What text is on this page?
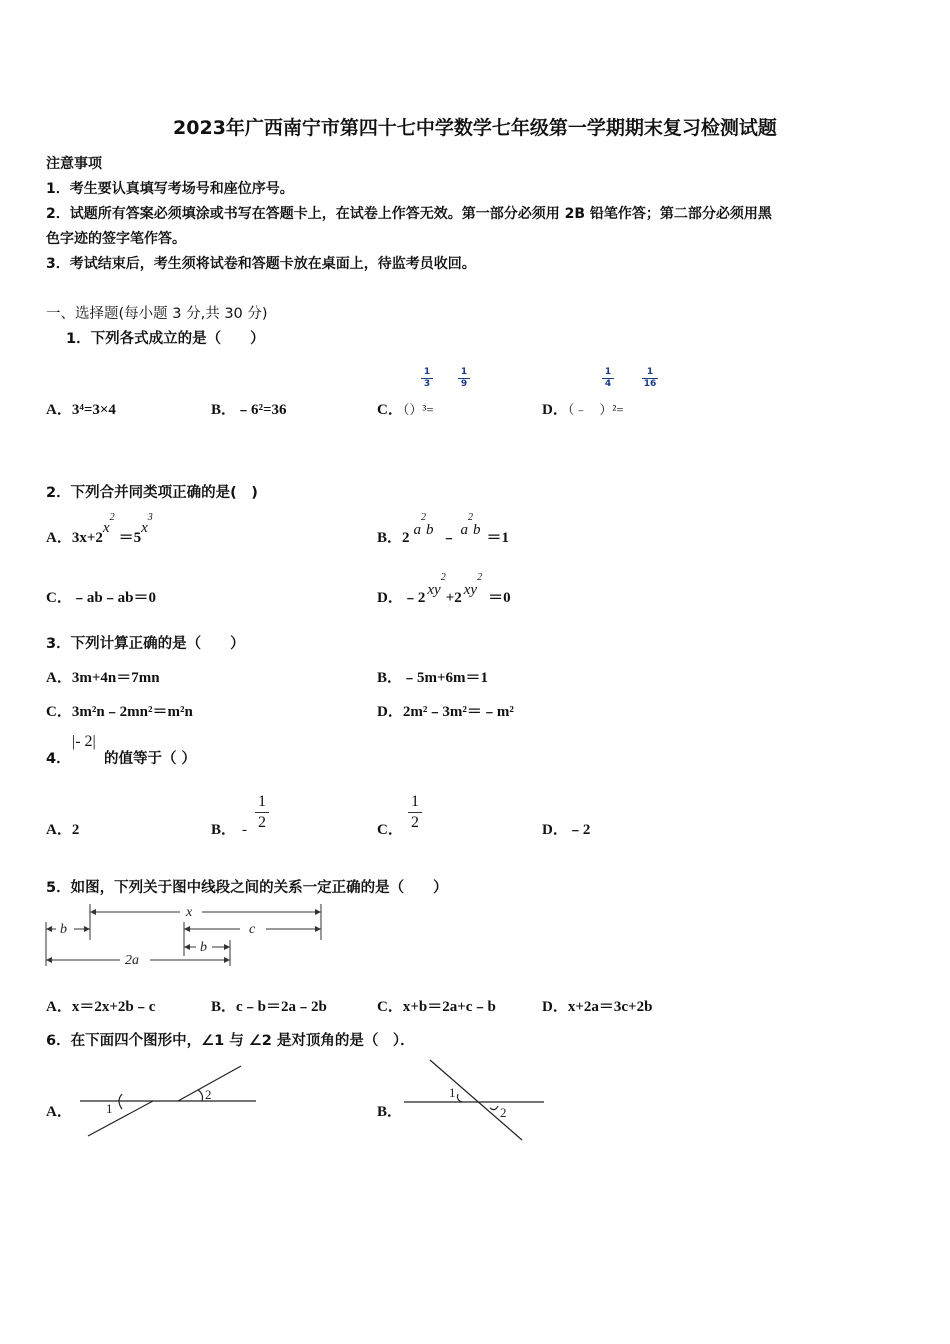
2023年广西南宁市第四十七中学数学七年级第一学期期末复习检测试题
注意事项
1．考生要认真填写考场号和座位序号。
2．试题所有答案必须填涂或书写在答题卡上，在试卷上作答无效。第一部分必须用 2B 铅笔作答；第二部分必须用黑
色字迹的签字笔作答。
3．考试结束后，考生须将试卷和答题卡放在桌面上，待监考员收回。
一、选择题(每小题 3 分,共 30 分)
1．下列各式成立的是（　　）
A．3⁴=3×4	B．﹣6²=36	C．（）³=
1
3
1
9
D．（﹣ ）²=
1
4
1
16
2．下列合并同类项正确的是(　)
A．$3x+2x^2=5x^3$
B．2 $a^2b$ ﹣ $a^2b =1$
C．﹣ab﹣ab＝0	D．﹣2 $xy^2+2$ $xy^2=0$
3．下列计算正确的是（　　）
A．3m+4n＝7mn	B．﹣5m+6m＝1
C．3m²n﹣2mn²＝m²n	D．2m²﹣3m²＝﹣m²
4．
|- 2|
的值等于（ ）
A．2	B． -
1
2	C．
1
2	D．﹣2
5．如图，下列关于图中线段之间的关系一定正确的是（　　）
x
b	c
b
2a
A．x＝2x+2b﹣c	B．c﹣b＝2a﹣2b	C．x+b＝2a+c﹣b	D．x+2a＝3c+2b
6．在下面四个图形中，∠1 与 ∠2 是对顶角的是（　）．
A．	1
2
B．
1
2
